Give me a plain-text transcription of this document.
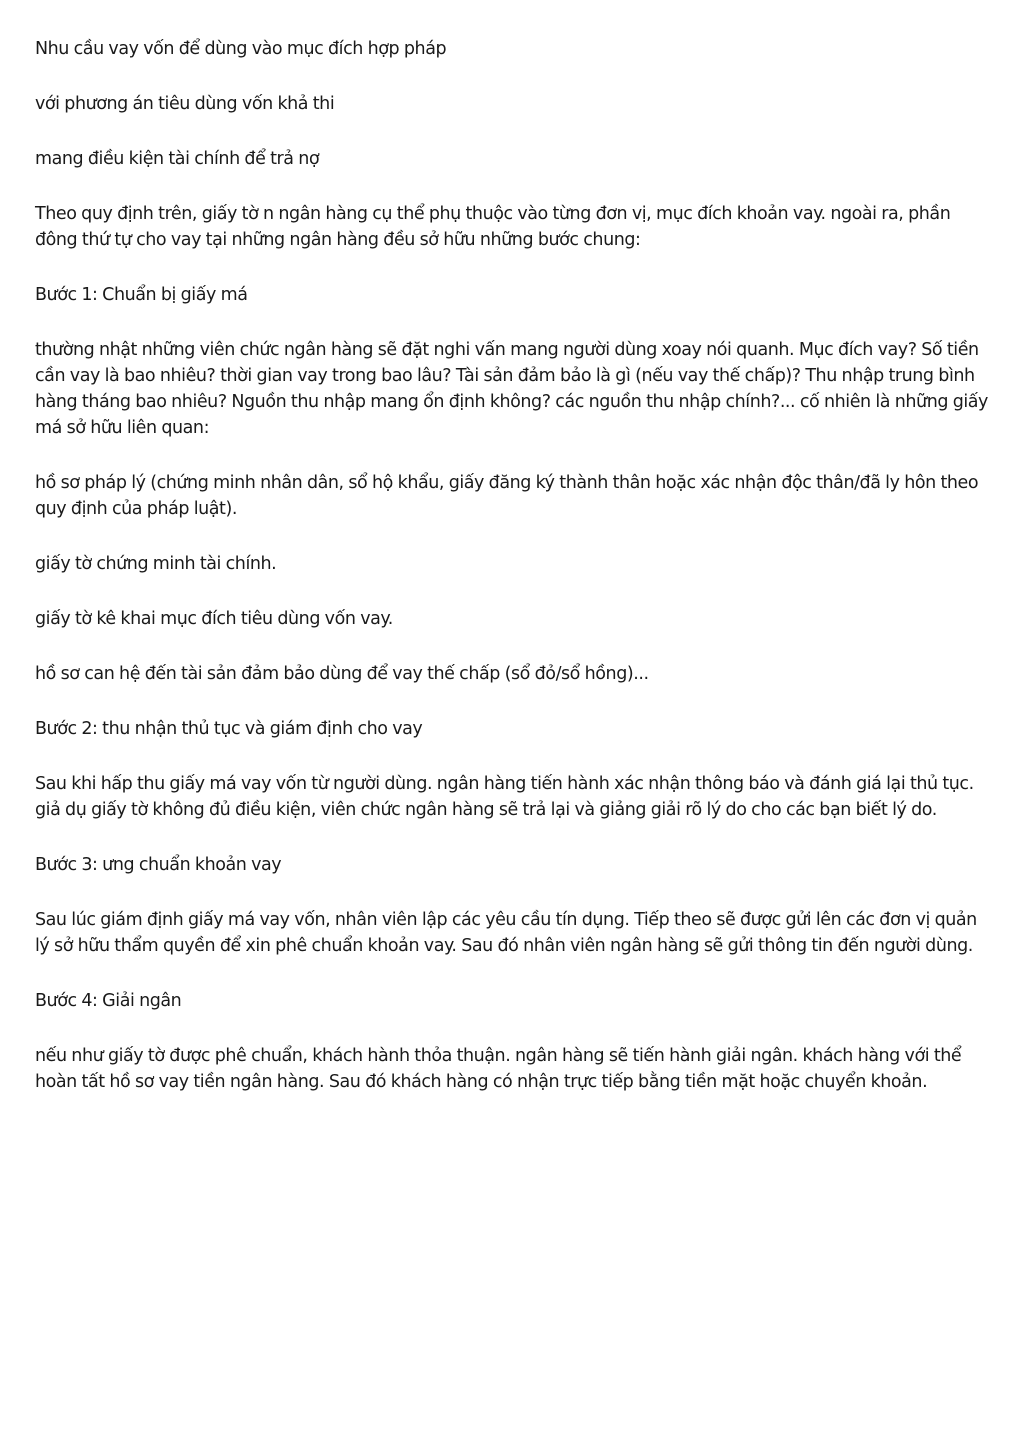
Nhu cầu vay vốn để dùng vào mục đích hợp pháp

với phương án tiêu dùng vốn khả thi

mang điều kiện tài chính để trả nợ

Theo quy định trên, giấy tờ n ngân hàng cụ thể phụ thuộc vào từng đơn vị, mục đích khoản vay. ngoài ra, phần đông thứ tự cho vay tại những ngân hàng đều sở hữu những bước chung:

Bước 1: Chuẩn bị giấy má

thường nhật những viên chức ngân hàng sẽ đặt nghi vấn mang người dùng xoay nói quanh. Mục đích vay? Số tiền cần vay là bao nhiêu? thời gian vay trong bao lâu? Tài sản đảm bảo là gì (nếu vay thế chấp)? Thu nhập trung bình hàng tháng bao nhiêu? Nguồn thu nhập mang ổn định không? các nguồn thu nhập chính?... cố nhiên là những giấy má sở hữu liên quan:

hồ sơ pháp lý (chứng minh nhân dân, sổ hộ khẩu, giấy đăng ký thành thân hoặc xác nhận độc thân/đã ly hôn theo quy định của pháp luật).

giấy tờ chứng minh tài chính.

giấy tờ kê khai mục đích tiêu dùng vốn vay.

hồ sơ can hệ đến tài sản đảm bảo dùng để vay thế chấp (sổ đỏ/sổ hồng)...

Bước 2: thu nhận thủ tục và giám định cho vay

Sau khi hấp thu giấy má vay vốn từ người dùng. ngân hàng tiến hành xác nhận thông báo và đánh giá lại thủ tục. giả dụ giấy tờ không đủ điều kiện, viên chức ngân hàng sẽ trả lại và giảng giải rõ lý do cho các bạn biết lý do.

Bước 3: ưng chuẩn khoản vay

Sau lúc giám định giấy má vay vốn, nhân viên lập các yêu cầu tín dụng. Tiếp theo sẽ được gửi lên các đơn vị quản lý sở hữu thẩm quyền để xin phê chuẩn khoản vay. Sau đó nhân viên ngân hàng sẽ gửi thông tin đến người dùng.

Bước 4: Giải ngân

nếu như giấy tờ được phê chuẩn, khách hành thỏa thuận. ngân hàng sẽ tiến hành giải ngân. khách hàng với thể hoàn tất hồ sơ vay tiền ngân hàng. Sau đó khách hàng có nhận trực tiếp bằng tiền mặt hoặc chuyển khoản.
